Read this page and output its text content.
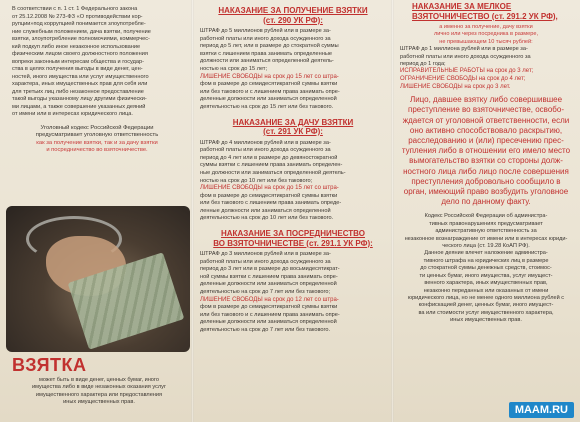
В соответствии с п. 1 ст. 1 Федерального закона

от 25.12.2008 № 273-ФЗ «О противодействии кор-

рупции»под коррупцией понимается злоупотребле-

ние служебным положением, дача взятки, получение

взятки, злоупотребление полномочиями, коммерчес-

кий подкуп либо иное незаконное использование

физическим лицом своего должностного положения

вопреки законным интересам общества и государ-

ства в целях получения выгоды в виде денег, цен-

ностей, иного имущества или услуг имущественного

характера, иных имущественных прав для себя или

для третьих лиц либо незаконное предоставление

такой выгоды указанному лицу другими физически-

ми лицами, а также совершение указанных деяний

от имени или в интересах юридического лица.

Уголовный кодекс Российской Федерации

предусматривает уголовную ответственность

как за получение взятки, так и за дачу взятки

и посредничество во взяточничестве.

ВЗЯТКА

может быть в виде денег, ценных бумаг, иного

имущества либо в виде незаконных оказания услуг

имущественного характера или предоставления

иных имущественных прав.

НАКАЗАНИЕ ЗА ПОЛУЧЕНИЕ ВЗЯТКИ

(ст. 290 УК РФ):

ШТРАФ до 5 миллионов рублей или в размере за-

работной платы или иного дохода осужденного за

период до 5 лет, или в размере до стократной суммы

взятки с лишением права занимать определенные

должности или заниматься определенной деятель-

ностью на срок до 15 лет;

ЛИШЕНИЕ СВОБОДЫ на срок до 15 лет со штра-

фом в размере до семидесятикратной суммы взятки

или без такового и с лишением права занимать опре-

деленные должности или заниматься определенной

деятельностью на срок до 15 лет или без такового.

НАКАЗАНИЕ ЗА ДАЧУ ВЗЯТКИ

(ст. 291 УК РФ):

ШТРАФ до 4 миллионов рублей или в размере за-

работной платы или иного дохода осужденного за

период до 4 лет или в размере до девяностократной

суммы взятки с лишением права занимать определен-

ные должности или заниматься определенной деятель-

ностью на срок до 10 лет или без такового;

ЛИШЕНИЕ СВОБОДЫ на срок до 15 лет со штра-

фом в размере до семидесятикратной суммы взятки

или без такового с лишением права занимать опреде-

ленные должности или заниматься определенной

деятельностью на срок до 10 лет или без такового.

НАКАЗАНИЕ ЗА ПОСРЕДНИЧЕСТВО

ВО ВЗЯТОЧНИЧЕСТВЕ (ст. 291.1 УК РФ):

ШТРАФ до 3 миллионов рублей или в размере за-

работной платы или иного дохода осужденного за

период до 3 лет или в размере до восьмидесятикрат-

ной суммы взятки с лишением права занимать опре-

деленные должности или заниматься определенной

деятельностью на срок до 7 лет или без такового;

ЛИШЕНИЕ СВОБОДЫ на срок до 12 лет со штра-

фом в размере до семидесятикратной суммы взятки

или без такового и с лишением права занимать опре-

деленные должности или заниматься определенной

деятельностью на срок до 7 лет или без такового.

НАКАЗАНИЕ ЗА МЕЛКОЕ

ВЗЯТОЧНИЧЕСТВО (ст. 291.2 УК РФ),

а именно за получение, дачу взятки

лично или через посредника в размере,

не превышающем 10 тысяч рублей:

ШТРАФ до 1 миллиона рублей или в размере за-

работной платы или иного дохода осужденного за

период до 1 года;

ИСПРАВИТЕЛЬНЫЕ РАБОТЫ на срок до 3 лет;

ОГРАНИЧЕНИЕ СВОБОДЫ на срок до 4 лет;

ЛИШЕНИЕ СВОБОДЫ на срок до 3 лет.

Лицо, давшее взятку либо совершившее

преступление во взяточничестве, освобо-

ждается от уголовной ответственности, если

оно активно способствовало раскрытию,

расследованию и (или) пресечению прес-

тупления либо в отношении его имело место

вымогательство взятки со стороны долж-

ностного лица либо лицо после совершения

преступления добровольно сообщило в

орган, имеющий право возбудить уголовное

дело по данному факту.

Кодекс Российской Федерации об администра-

тивных правонарушениях предусматривает

административную ответственность за

незаконное вознаграждение от имени или в интересах юриди-

ческого лица (ст. 19.28 КоАП РФ).

Данное деяние влечет наложение администра-

тивного штрафа на юридических лиц в размере

до стократной суммы денежных средств, стоимос-

ти ценных бумаг, иного имущества, услуг имущест-

венного характера, иных имущественных прав,

незаконно переданных или оказанных от имени

юридического лица, но не менее одного миллиона рублей с

конфискацией денег, ценных бумаг, иного имущест-

ва или стоимости услуг имущественного характера,

иных имущественных прав.

MAAM.RU
